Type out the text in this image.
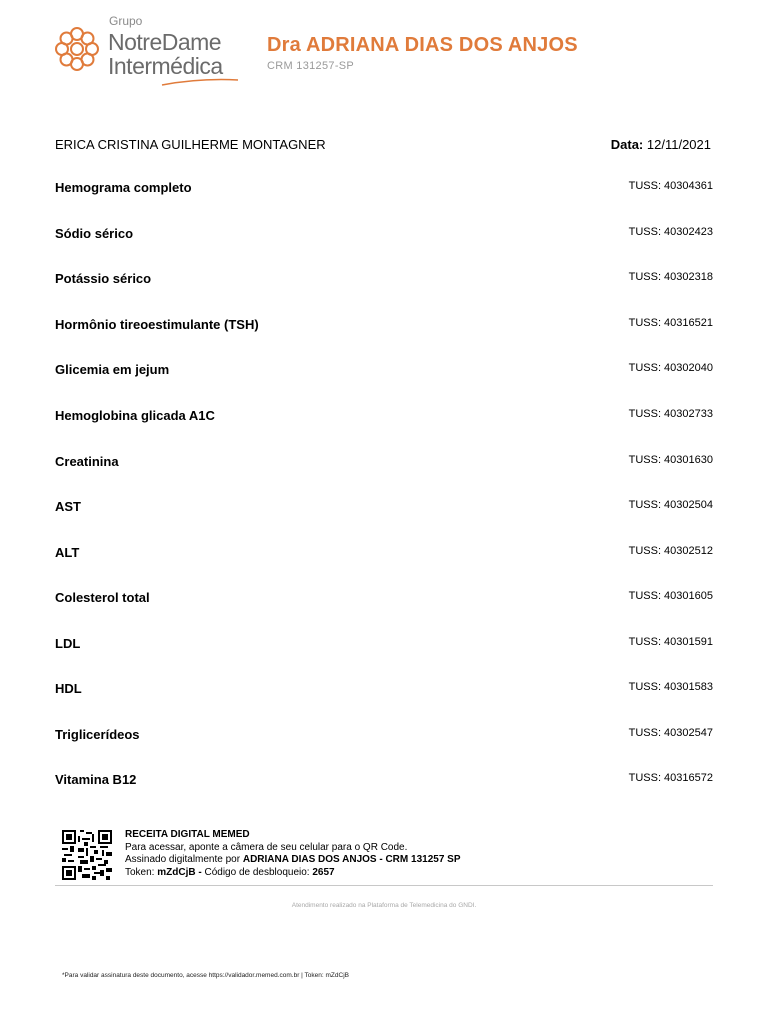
Grupo
NotreDame
Intermédica
Dra ADRIANA DIAS DOS ANJOS
CRM 131257-SP
ERICA CRISTINA GUILHERME MONTAGNER	Data: 12/11/2021
Hemograma completo	TUSS: 40304361
Sódio sérico	TUSS: 40302423
Potássio sérico	TUSS: 40302318
Hormônio tireoestimulante (TSH)	TUSS: 40316521
Glicemia em jejum	TUSS: 40302040
Hemoglobina glicada A1C	TUSS: 40302733
Creatinina	TUSS: 40301630
AST	TUSS: 40302504
ALT	TUSS: 40302512
Colesterol total	TUSS: 40301605
LDL	TUSS: 40301591
HDL	TUSS: 40301583
Triglicerídeos	TUSS: 40302547
Vitamina B12	TUSS: 40316572
RECEITA DIGITAL MEMED
Para acessar, aponte a câmera de seu celular para o QR Code.
Assinado digitalmente por ADRIANA DIAS DOS ANJOS - CRM 131257 SP
Token: mZdCjB - Código de desbloqueio: 2657
Atendimento realizado na Plataforma de Telemedicina do GNDI.
*Para validar assinatura deste documento, acesse https://validador.memed.com.br | Token: mZdCjB
